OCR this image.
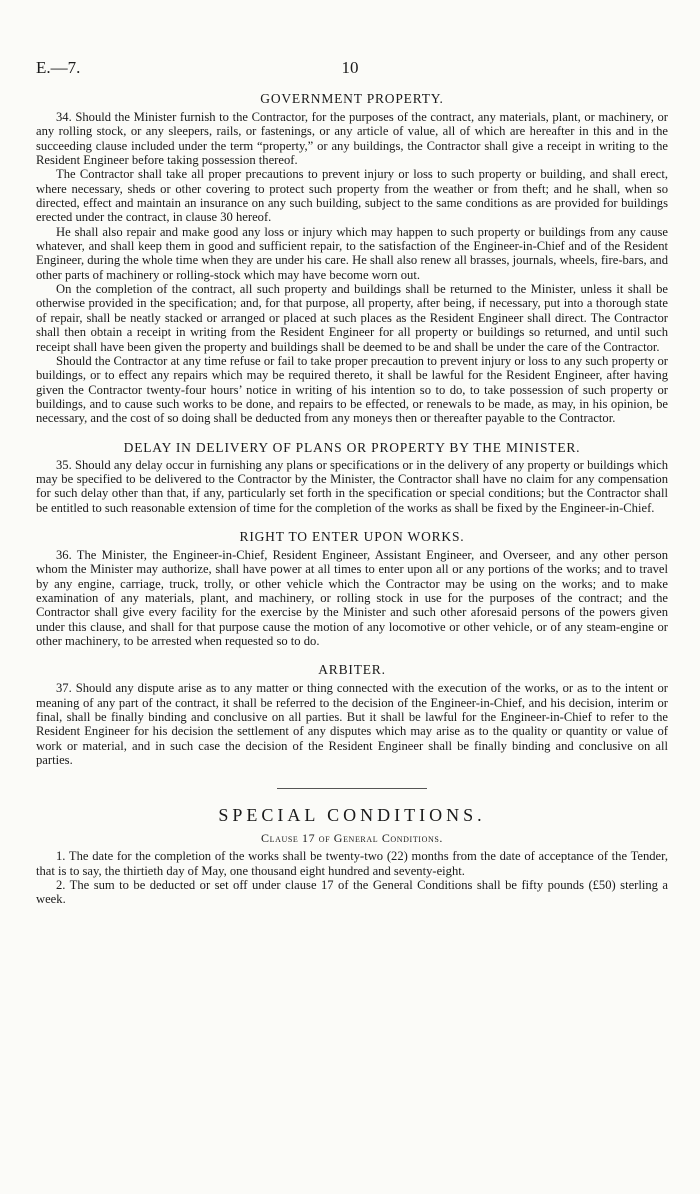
E.—7.	10
GOVERNMENT PROPERTY.

34. Should the Minister furnish to the Contractor, for the purposes of the contract, any materials, plant, or machinery, or any rolling stock, or any sleepers, rails, or fastenings, or any article of value, all of which are hereafter in this and in the succeeding clause included under the term “property,” or any buildings, the Contractor shall give a receipt in writing to the Resident Engineer before taking possession thereof.

The Contractor shall take all proper precautions to prevent injury or loss to such property or building, and shall erect, where necessary, sheds or other covering to protect such property from the weather or from theft; and he shall, when so directed, effect and maintain an insurance on any such building, subject to the same conditions as are provided for buildings erected under the contract, in clause 30 hereof.

He shall also repair and make good any loss or injury which may happen to such property or buildings from any cause whatever, and shall keep them in good and sufficient repair, to the satisfaction of the Engineer-in-Chief and of the Resident Engineer, during the whole time when they are under his care. He shall also renew all brasses, journals, wheels, fire-bars, and other parts of machinery or rolling-stock which may have become worn out.

On the completion of the contract, all such property and buildings shall be returned to the Minister, unless it shall be otherwise provided in the specification; and, for that purpose, all property, after being, if necessary, put into a thorough state of repair, shall be neatly stacked or arranged or placed at such places as the Resident Engineer shall direct. The Contractor shall then obtain a receipt in writing from the Resident Engineer for all property or buildings so returned, and until such receipt shall have been given the property and buildings shall be deemed to be and shall be under the care of the Contractor.

Should the Contractor at any time refuse or fail to take proper precaution to prevent injury or loss to any such property or buildings, or to effect any repairs which may be required thereto, it shall be lawful for the Resident Engineer, after having given the Contractor twenty-four hours’ notice in writing of his intention so to do, to take possession of such property or buildings, and to cause such works to be done, and repairs to be effected, or renewals to be made, as may, in his opinion, be necessary, and the cost of so doing shall be deducted from any moneys then or thereafter payable to the Contractor.

DELAY IN DELIVERY OF PLANS OR PROPERTY BY THE MINISTER.

35. Should any delay occur in furnishing any plans or specifications or in the delivery of any property or buildings which may be specified to be delivered to the Contractor by the Minister, the Contractor shall have no claim for any compensation for such delay other than that, if any, particularly set forth in the specification or special conditions; but the Contractor shall be entitled to such reasonable extension of time for the completion of the works as shall be fixed by the Engineer-in-Chief.

RIGHT TO ENTER UPON WORKS.

36. The Minister, the Engineer-in-Chief, Resident Engineer, Assistant Engineer, and Overseer, and any other person whom the Minister may authorize, shall have power at all times to enter upon all or any portions of the works; and to travel by any engine, carriage, truck, trolly, or other vehicle which the Contractor may be using on the works; and to make examination of any materials, plant, and machinery, or rolling stock in use for the purposes of the contract; and the Contractor shall give every facility for the exercise by the Minister and such other aforesaid persons of the powers given under this clause, and shall for that purpose cause the motion of any locomotive or other vehicle, or of any steam-engine or other machinery, to be arrested when requested so to do.

ARBITER.

37. Should any dispute arise as to any matter or thing connected with the execution of the works, or as to the intent or meaning of any part of the contract, it shall be referred to the decision of the Engineer-in-Chief, and his decision, interim or final, shall be finally binding and conclusive on all parties. But it shall be lawful for the Engineer-in-Chief to refer to the Resident Engineer for his decision the settlement of any disputes which may arise as to the quality or quantity or value of work or material, and in such case the decision of the Resident Engineer shall be finally binding and conclusive on all parties.

SPECIAL CONDITIONS.
Clause 17 of General Conditions.

1. The date for the completion of the works shall be twenty-two (22) months from the date of acceptance of the Tender, that is to say, the thirtieth day of May, one thousand eight hundred and seventy-eight.

2. The sum to be deducted or set off under clause 17 of the General Conditions shall be fifty pounds (£50) sterling a week.
